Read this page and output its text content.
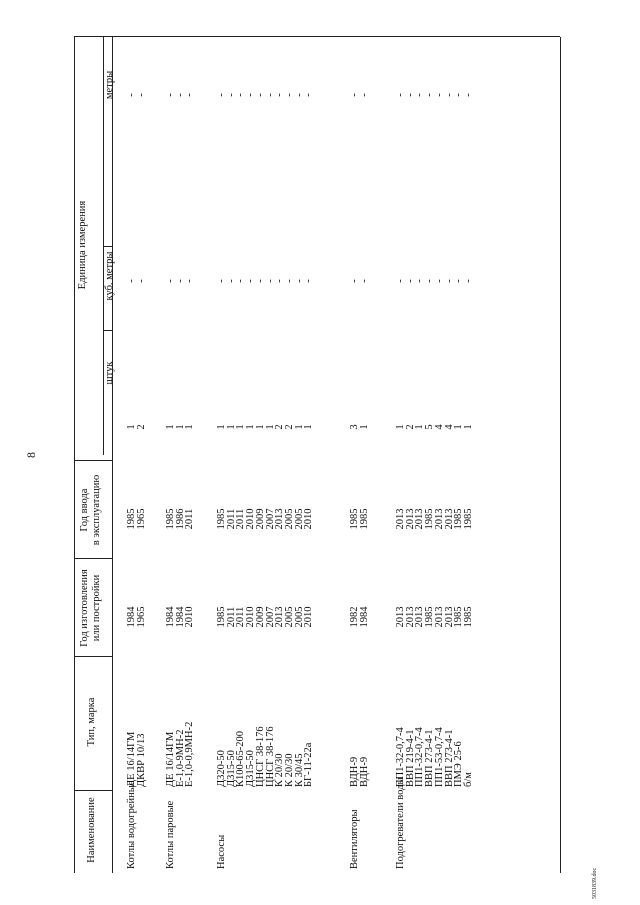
8
Наименование
Тип, марка
Год изготовления или постройки
Год ввода в эксплуатацию
Единица измерения
штук
куб. метры
метры
Котлы водогрейные
ДЕ 16/14ГМ
1984
1985
1
-
-
ДКВР 10/13
1965
1965
2
-
-
Котлы паровые
ДЕ 16/14ГМ
1984
1985
1
-
-
Е-1,0-9МН-2
1984
1986
1
-
-
Е-1,0-0,9МН-2
2010
2011
1
-
-
Насосы
Д320-50
1985
1985
1
-
-
Д315-50
2011
2011
1
-
-
К100-65-200
2011
2011
1
-
-
Д315-50
2010
2010
1
-
-
ЦНСГ 38-176
2009
2009
1
-
-
ЦНСГ 38-176
2007
2007
1
-
-
К 20/30
2013
2013
2
-
-
К 20/30
2005
2005
2
-
-
К 30/45
2005
2005
1
-
-
БГ-11-22а
2010
2010
1
-
-
Вентиляторы
ВДН-9
1982
1985
3
-
-
ВДН-9
1984
1985
1
-
-
Подогреватели воды
ПП1-32-0,7-4
2013
2013
1
-
-
ВВП 219-4-1
2013
2013
2
-
-
ПП1-32-0,7-4
2013
2013
1
-
-
ВВП 273-4-1
1985
1985
5
-
-
ПП1-53-0,7-4
2013
2013
4
-
-
ВВП 273-4-1
2013
2013
4
-
-
ПМЭ 25-6
1985
1985
1
-
-
б/м
1985
1985
1
-
-
5031839.doc
